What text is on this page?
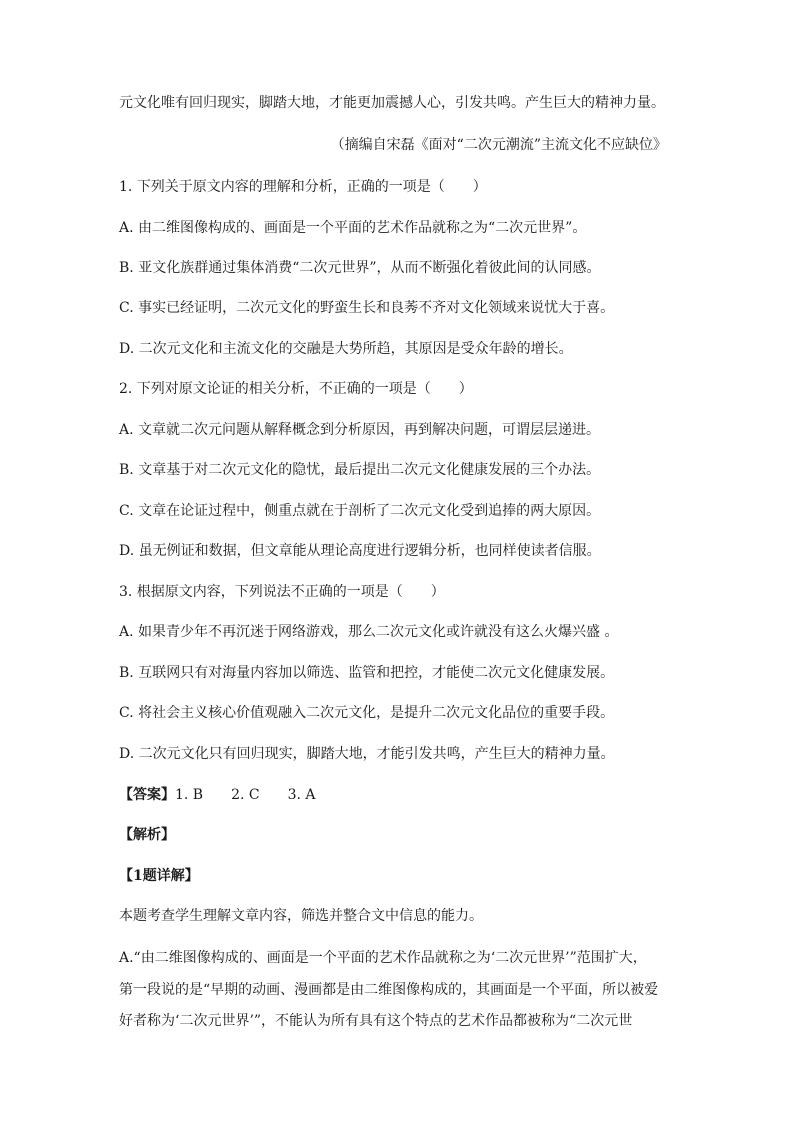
元文化唯有回归现实，脚踏大地，才能更加震撼人心，引发共鸣。产生巨大的精神力量。
（摘编自宋磊《面对“二次元潮流”主流文化不应缺位》
1. 下列关于原文内容的理解和分析，正确的一项是（　　）
A. 由二维图像构成的、画面是一个平面的艺术作品就称之为“二次元世界”。
B. 亚文化族群通过集体消费“二次元世界”，从而不断强化着彼此间的认同感。
C. 事实已经证明，二次元文化的野蛮生长和良莠不齐对文化领域来说忧大于喜。
D. 二次元文化和主流文化的交融是大势所趋，其原因是受众年龄的增长。
2. 下列对原文论证的相关分析，不正确的一项是（　　）
A. 文章就二次元问题从解释概念到分析原因，再到解决问题，可谓层层递进。
B. 文章基于对二次元文化的隐忧，最后提出二次元文化健康发展的三个办法。
C. 文章在论证过程中，侧重点就在于剖析了二次元文化受到追捧的两大原因。
D. 虽无例证和数据，但文章能从理论高度进行逻辑分析，也同样使读者信服。
3. 根据原文内容，下列说法不正确的一项是（　　）
A. 如果青少年不再沉迷于网络游戏，那么二次元文化或许就没有这么火爆兴盛 。
B. 互联网只有对海量内容加以筛选、监管和把控，才能使二次元文化健康发展。
C. 将社会主义核心价值观融入二次元文化，是提升二次元文化品位的重要手段。
D. 二次元文化只有回归现实，脚踏大地，才能引发共鸣，产生巨大的精神力量。
【答案】1. B　　2. C　　3. A
【解析】
【1题详解】
本题考查学生理解文章内容，筛选并整合文中信息的能力。
A.“由二维图像构成的、画面是一个平面的艺术作品就称之为‘二次元世界’”范围扩大，
第一段说的是“早期的动画、漫画都是由二维图像构成的，其画面是一个平面，所以被爱
好者称为‘二次元世界’”，不能认为所有具有这个特点的艺术作品都被称为“二次元世
